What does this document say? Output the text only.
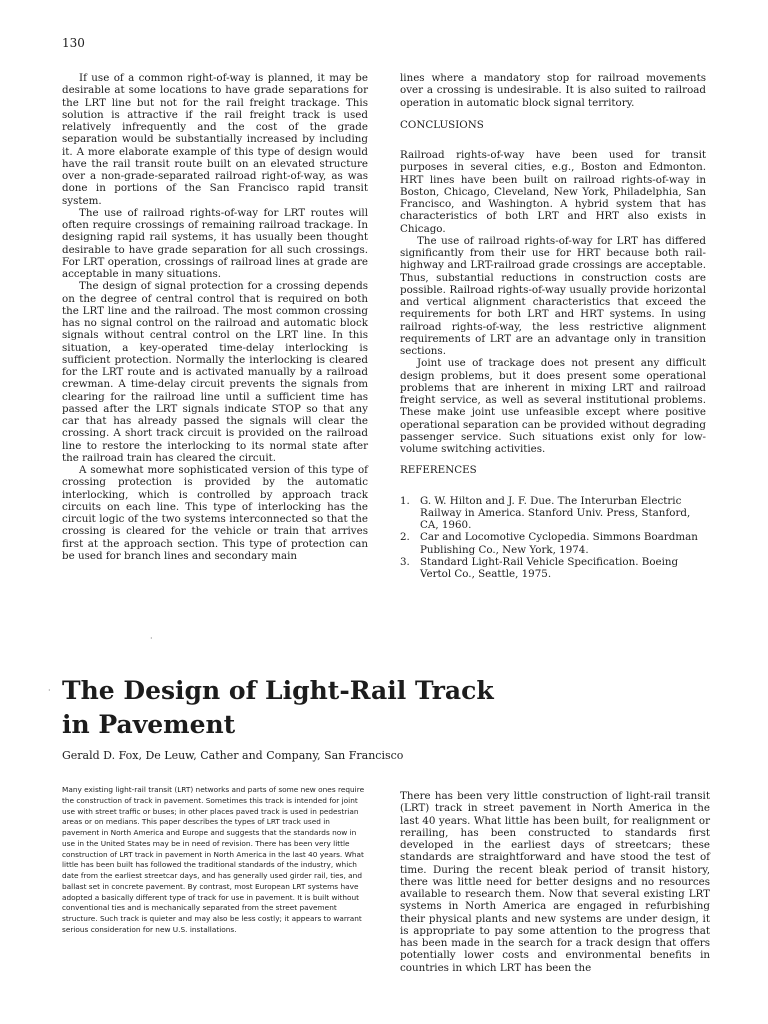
130

If use of a common right-of-way is planned, it may be desirable at some locations to have grade separations for the LRT line but not for the rail freight trackage. This solution is attractive if the rail freight track is used relatively infrequently and the cost of the grade separation would be substantially increased by including it. A more elaborate example of this type of design would have the rail transit route built on an elevated structure over a non-grade-separated railroad right-of-way, as was done in portions of the San Francisco rapid transit system.

The use of railroad rights-of-way for LRT routes will often require crossings of remaining railroad trackage. In designing rapid rail systems, it has usually been thought desirable to have grade separation for all such crossings. For LRT operation, crossings of railroad lines at grade are acceptable in many situations.

The design of signal protection for a crossing depends on the degree of central control that is required on both the LRT line and the railroad. The most common crossing has no signal control on the railroad and automatic block signals without central control on the LRT line. In this situation, a key-operated time-delay interlocking is sufficient protection. Normally the interlocking is cleared for the LRT route and is activated manually by a railroad crewman. A time-delay circuit prevents the signals from clearing for the railroad line until a sufficient time has passed after the LRT signals indicate STOP so that any car that has already passed the signals will clear the crossing. A short track circuit is provided on the railroad line to restore the interlocking to its normal state after the railroad train has cleared the circuit.

A somewhat more sophisticated version of this type of crossing protection is provided by the automatic interlocking, which is controlled by approach track circuits on each line. This type of interlocking has the circuit logic of the two systems interconnected so that the crossing is cleared for the vehicle or train that arrives first at the approach section. This type of protection can be used for branch lines and secondary main

lines where a mandatory stop for railroad movements over a crossing is undesirable. It is also suited to railroad operation in automatic block signal territory.

CONCLUSIONS

Railroad rights-of-way have been used for transit purposes in several cities, e.g., Boston and Edmonton. HRT lines have been built on railroad rights-of-way in Boston, Chicago, Cleveland, New York, Philadelphia, San Francisco, and Washington. A hybrid system that has characteristics of both LRT and HRT also exists in Chicago.

The use of railroad rights-of-way for LRT has differed significantly from their use for HRT because both rail-highway and LRT-railroad grade crossings are acceptable. Thus, substantial reductions in construction costs are possible. Railroad rights-of-way usually provide horizontal and vertical alignment characteristics that exceed the requirements for both LRT and HRT systems. In using railroad rights-of-way, the less restrictive alignment requirements of LRT are an advantage only in transition sections.

Joint use of trackage does not present any difficult design problems, but it does present some operational problems that are inherent in mixing LRT and railroad freight service, as well as several institutional problems. These make joint use unfeasible except where positive operational separation can be provided without degrading passenger service. Such situations exist only for low-volume switching activities.

REFERENCES
1. G. W. Hilton and J. F. Due. The Interurban Electric Railway in America. Stanford Univ. Press, Stanford, CA, 1960.
2. Car and Locomotive Cyclopedia. Simmons Boardman Publishing Co., New York, 1974.
3. Standard Light-Rail Vehicle Specification. Boeing Vertol Co., Seattle, 1975.
·
· The Design of Light-Rail Track
in Pavement
Gerald D. Fox, De Leuw, Cather and Company, San Francisco

Many existing light-rail transit (LRT) networks and parts of some new ones require the construction of track in pavement. Sometimes this track is intended for joint use with street traffic or buses; in other places paved track is used in pedestrian areas or on medians. This paper describes the types of LRT track used in pavement in North America and Europe and suggests that the standards now in use in the United States may be in need of revision. There has been very little construction of LRT track in pavement in North America in the last 40 years. What little has been built has followed the traditional standards of the industry, which date from the earliest streetcar days, and has generally used girder rail, ties, and ballast set in concrete pavement. By contrast, most European LRT systems have adopted a basically different type of track for use in pavement. It is built without conventional ties and is mechanically separated from the street pavement structure. Such track is quieter and may also be less costly; it appears to warrant serious consideration for new U.S. installations.

There has been very little construction of light-rail transit (LRT) track in street pavement in North America in the last 40 years. What little has been built, for realignment or rerailing, has been constructed to standards first developed in the earliest days of streetcars; these standards are straightforward and have stood the test of time. During the recent bleak period of transit history, there was little need for better designs and no resources available to research them. Now that several existing LRT systems in North America are engaged in refurbishing their physical plants and new systems are under design, it is appropriate to pay some attention to the progress that has been made in the search for a track design that offers potentially lower costs and environmental benefits in countries in which LRT has been the
